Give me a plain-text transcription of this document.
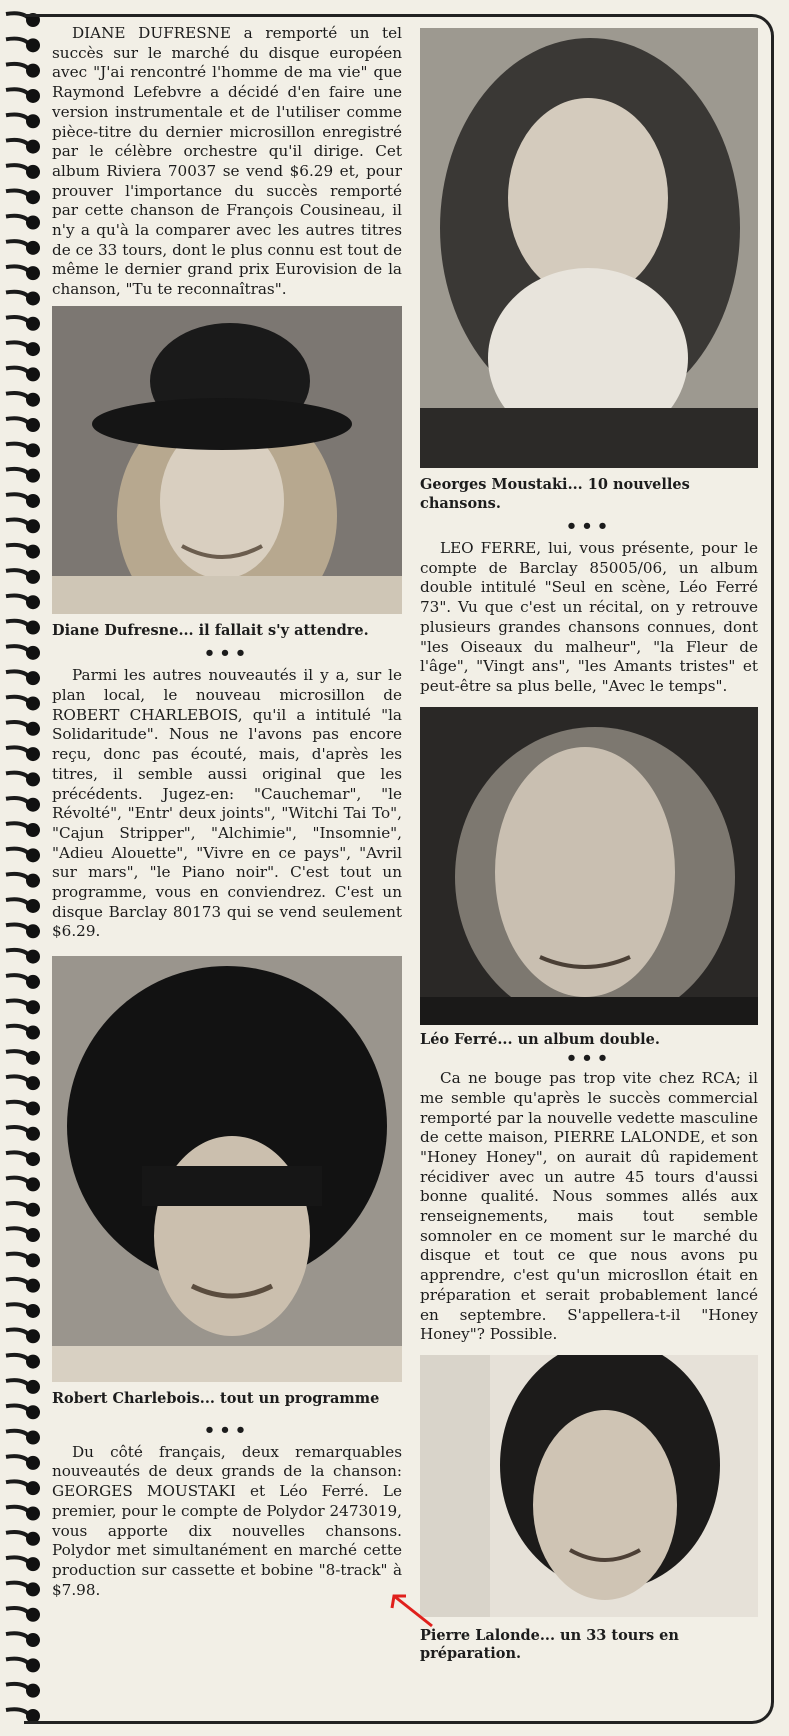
DIANE DUFRESNE a remporté un tel succès sur le marché du disque européen avec "J'ai rencontré l'homme de ma vie" que Raymond Lefebvre a décidé d'en faire une version instrumentale et de l'utiliser comme pièce-titre du dernier microsillon enregistré par le célèbre orchestre qu'il dirige. Cet album Riviera 70037 se vend $6.29 et, pour prouver l'importance du succès remporté par cette chanson de François Cousineau, il n'y a qu'à la comparer avec les autres titres de ce 33 tours, dont le plus connu est tout de même le dernier grand prix Eurovision de la chanson, "Tu te reconnaîtras".

Diane Dufresne... il fallait s'y attendre.

•••

Parmi les autres nouveautés il y a, sur le plan local, le nouveau microsillon de ROBERT CHARLEBOIS, qu'il a intitulé "la Solidaritude". Nous ne l'avons pas encore reçu, donc pas écouté, mais, d'après les titres, il semble aussi original que les précédents. Jugez-en: "Cauchemar", "le Révolté", "Entr' deux joints", "Witchi Tai To", "Cajun Stripper", "Alchimie", "Insomnie", "Adieu Alouette", "Vivre en ce pays", "Avril sur mars", "le Piano noir". C'est tout un programme, vous en conviendrez. C'est un disque Barclay 80173 qui se vend seulement $6.29.

Robert Charlebois... tout un programme

•••

Du côté français, deux remarquables nouveautés de deux grands de la chanson: GEORGES MOUSTAKI et Léo Ferré. Le premier, pour le compte de Polydor 2473019, vous apporte dix nouvelles chansons. Polydor met simultanément en marché cette production sur cassette et bobine "8-track" à $7.98.

Georges Moustaki... 10 nouvelles chansons.

•••

LEO FERRE, lui, vous présente, pour le compte de Barclay 85005/06, un album double intitulé "Seul en scène, Léo Ferré 73". Vu que c'est un récital, on y retrouve plusieurs grandes chansons connues, dont "les Oiseaux du malheur", "la Fleur de l'âge", "Vingt ans", "les Amants tristes" et peut-être sa plus belle, "Avec le temps".

Léo Ferré... un album double.

•••

Ca ne bouge pas trop vite chez RCA; il me semble qu'après le succès commercial remporté par la nouvelle vedette masculine de cette maison, PIERRE LALONDE, et son "Honey Honey", on aurait dû rapidement récidiver avec un autre 45 tours d'aussi bonne qualité. Nous sommes allés aux renseignements, mais tout semble somnoler en ce moment sur le marché du disque et tout ce que nous avons pu apprendre, c'est qu'un microsllon était en préparation et serait probablement lancé en septembre. S'appellera-t-il "Honey Honey"? Possible.

Pierre Lalonde... un 33 tours en préparation.
